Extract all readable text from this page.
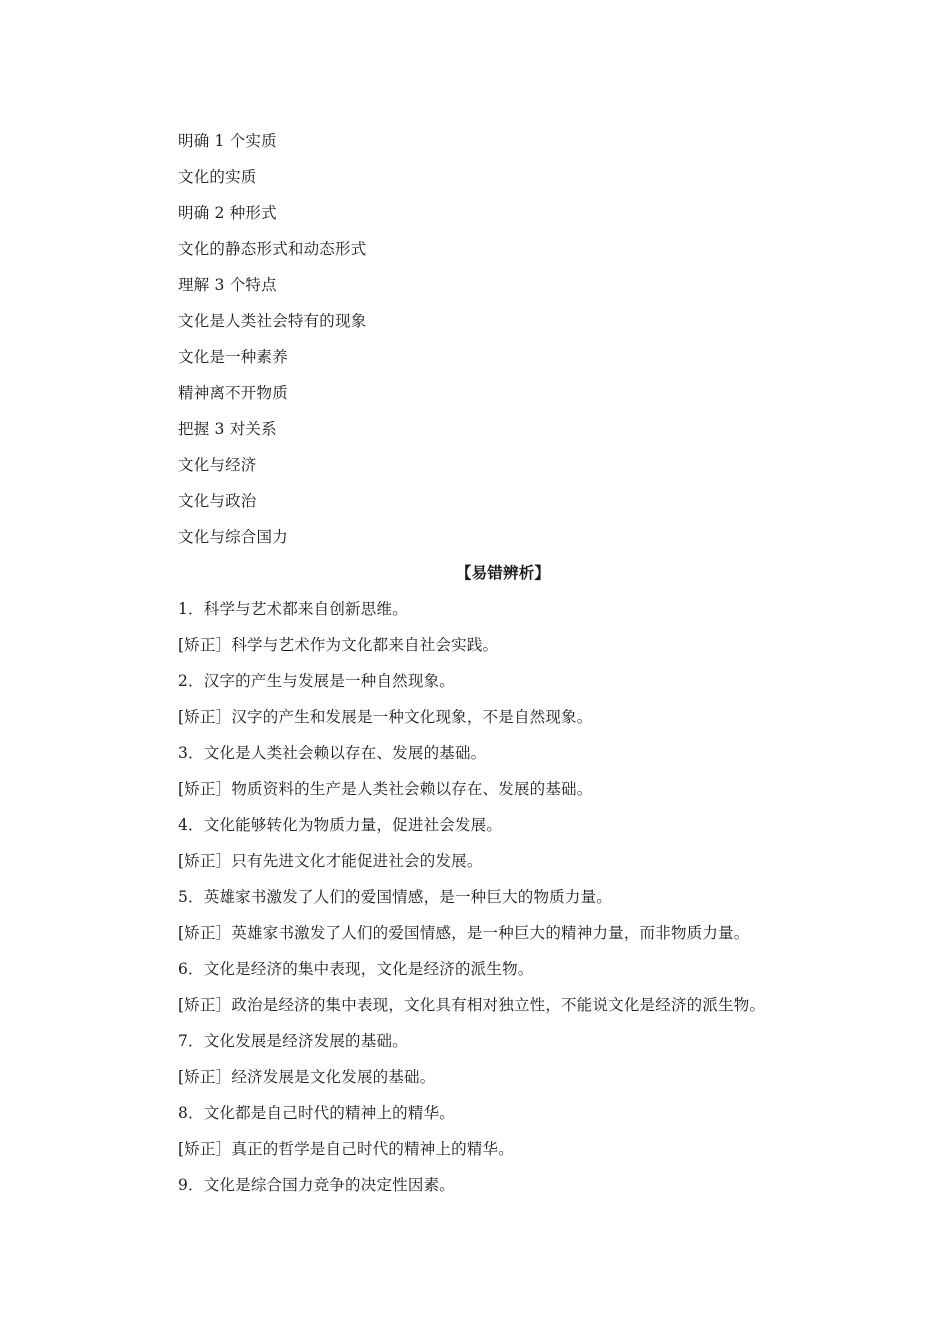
明确 1 个实质
文化的实质
明确 2 种形式
文化的静态形式和动态形式
理解 3 个特点
文化是人类社会特有的现象
文化是一种素养
精神离不开物质
把握 3 对关系
文化与经济
文化与政治
文化与综合国力
【易错辨析】
1．科学与艺术都来自创新思维。
[矫正］科学与艺术作为文化都来自社会实践。
2．汉字的产生与发展是一种自然现象。
[矫正］汉字的产生和发展是一种文化现象，不是自然现象。
3．文化是人类社会赖以存在、发展的基础。
[矫正］物质资料的生产是人类社会赖以存在、发展的基础。
4．文化能够转化为物质力量，促进社会发展。
[矫正］只有先进文化才能促进社会的发展。
5．英雄家书激发了人们的爱国情感，是一种巨大的物质力量。
[矫正］英雄家书激发了人们的爱国情感，是一种巨大的精神力量，而非物质力量。
6．文化是经济的集中表现，文化是经济的派生物。
[矫正］政治是经济的集中表现，文化具有相对独立性，不能说文化是经济的派生物。
7．文化发展是经济发展的基础。
[矫正］经济发展是文化发展的基础。
8．文化都是自己时代的精神上的精华。
[矫正］真正的哲学是自己时代的精神上的精华。
9．文化是综合国力竞争的决定性因素。
